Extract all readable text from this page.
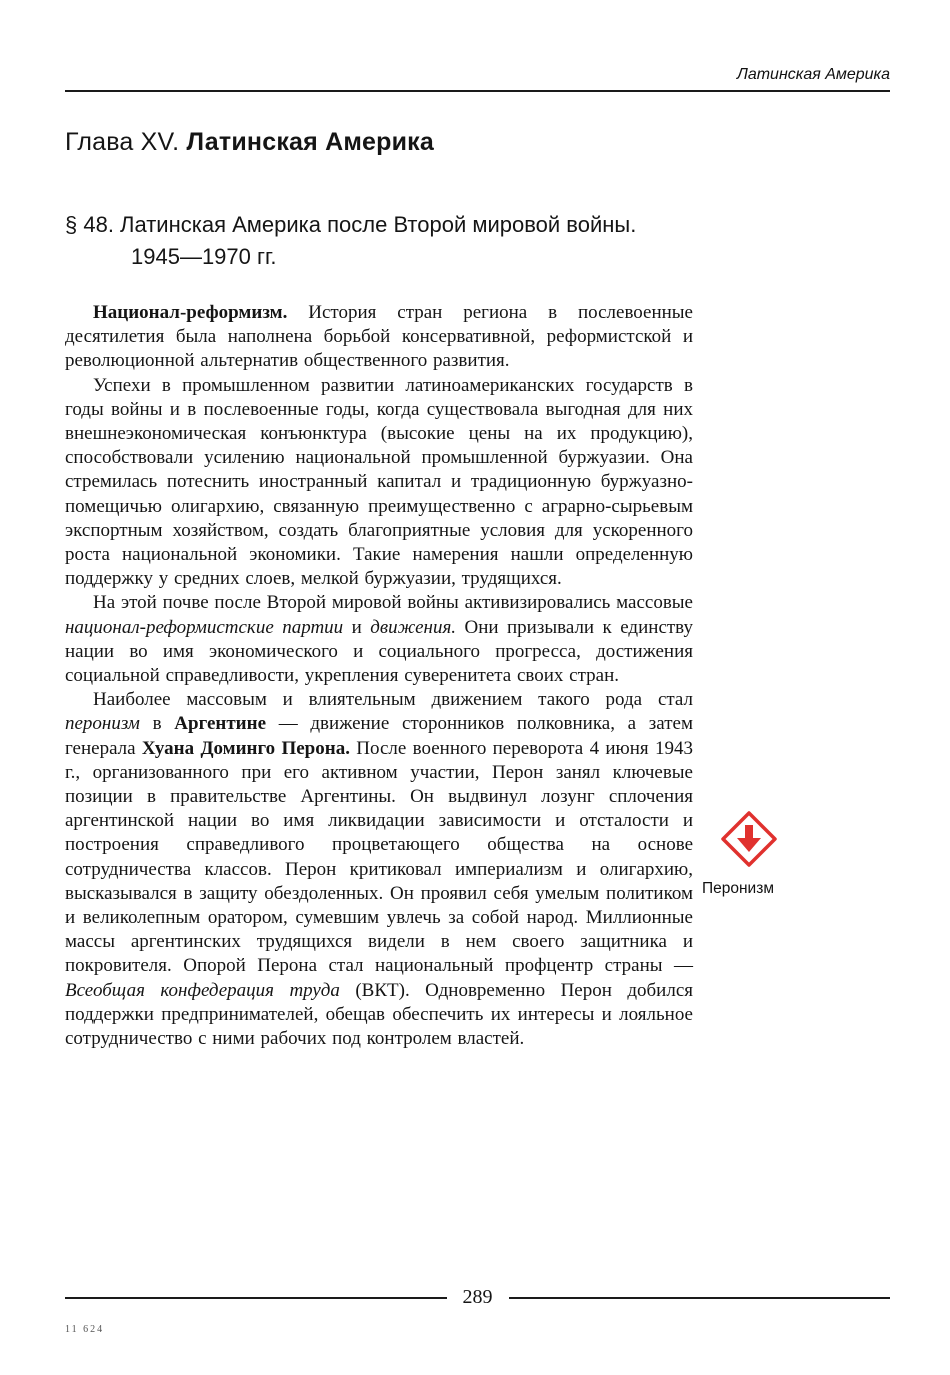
Латинская Америка
Глава XV. Латинская Америка
§ 48. Латинская Америка после Второй мировой войны.
1945—1970 гг.

Национал-реформизм. История стран региона в послевоенные десятилетия была наполнена борьбой консервативной, реформистской и революционной альтернатив общественного развития.

Успехи в промышленном развитии латиноамериканских государств в годы войны и в послевоенные годы, когда существовала выгодная для них внешнеэкономическая конъюнктура (высокие цены на их продукцию), способствовали усилению национальной промышленной буржуазии. Она стремилась потеснить иностранный капитал и традиционную буржуазно-помещичью олигархию, связанную преимущественно с аграрно-сырьевым экспортным хозяйством, создать благоприятные условия для ускоренного роста национальной экономики. Такие намерения нашли определенную поддержку у средних слоев, мелкой буржуазии, трудящихся.

На этой почве после Второй мировой войны активизировались массовые национал-реформистские партии и движения. Они призывали к единству нации во имя экономического и социального прогресса, достижения социальной справедливости, укрепления суверенитета своих стран.

Наиболее массовым и влиятельным движением такого рода стал перонизм в Аргентине — движение сторонников полковника, а затем генерала Хуана Доминго Перона. После военного переворота 4 июня 1943 г., организованного при его активном участии, Перон занял ключевые позиции в правительстве Аргентины. Он выдвинул лозунг сплочения аргентинской нации во имя ликвидации зависимости и отсталости и построения справедливого процветающего общества на основе сотрудничества классов. Перон критиковал империализм и олигархию, высказывался в защиту обездоленных. Он проявил себя умелым политиком и великолепным оратором, сумевшим увлечь за собой народ. Миллионные массы аргентинских трудящихся видели в нем своего защитника и покровителя. Опорой Перона стал национальный профцентр страны — Всеобщая конфедерация труда (ВКТ). Одновременно Перон добился поддержки предпринимателей, обещав обеспечить их интересы и лояльное сотрудничество с ними рабочих под контролем властей.

Перонизм
289
11 624
